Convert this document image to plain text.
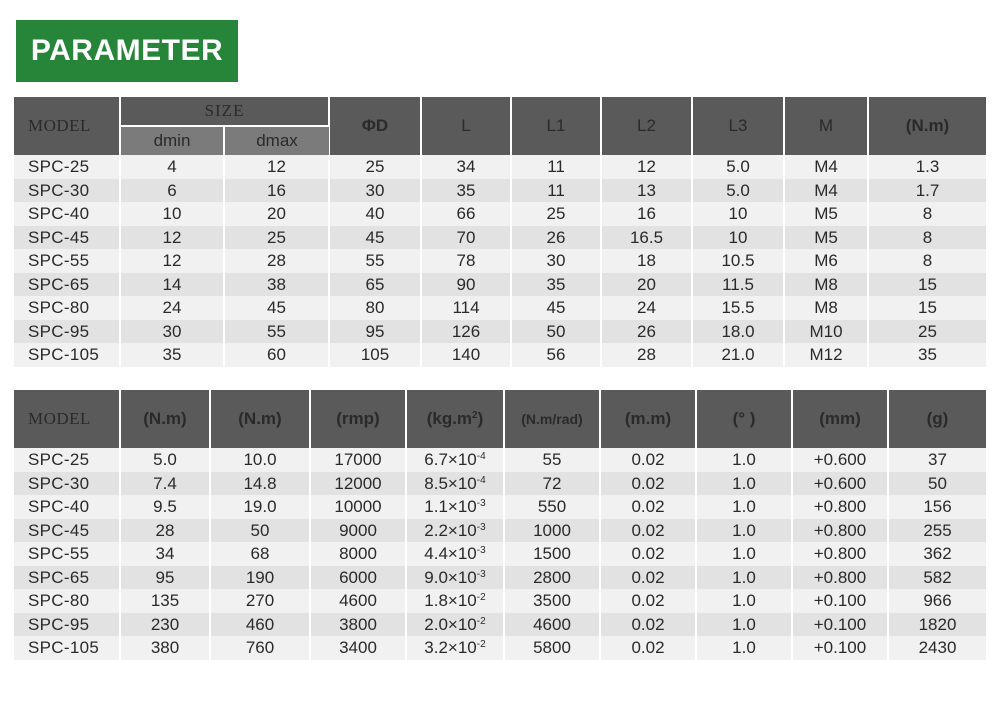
PARAMETER
MODEL	SIZE		ΦD	L	L1	L2	L3	M	(N.m)
	dmin	dmax							
SPC-25	4	12	25	34	11	12	5.0	M4	1.3
SPC-30	6	16	30	35	11	13	5.0	M4	1.7
SPC-40	10	20	40	66	25	16	10	M5	8
SPC-45	12	25	45	70	26	16.5	10	M5	8
SPC-55	12	28	55	78	30	18	10.5	M6	8
SPC-65	14	38	65	90	35	20	11.5	M8	15
SPC-80	24	45	80	114	45	24	15.5	M8	15
SPC-95	30	55	95	126	50	26	18.0	M10	25
SPC-105	35	60	105	140	56	28	21.0	M12	35
MODEL	(N.m)	(N.m)	(rmp)	$(kg.m^2)$	(N.m/rad)	(m.m)	(° )	(mm)	(g)
SPC-25	5.0	10.0	17000	$6.7\times 10^{-4}$	55	0.02	1.0	+0.600	37
SPC-30	7.4	14.8	12000	$8.5\times 10^{-4}$	72	0.02	1.0	+0.600	50
SPC-40	9.5	19.0	10000	$1.1\times 10^{-3}$	550	0.02	1.0	+0.800	156
SPC-45	28	50	9000	$2.2\times 10^{-3}$	1000	0.02	1.0	+0.800	255
SPC-55	34	68	8000	$4.4\times 10^{-3}$	1500	0.02	1.0	+0.800	362
SPC-65	95	190	6000	$9.0\times 10^{-3}$	2800	0.02	1.0	+0.800	582
SPC-80	135	270	4600	$1.8\times 10^{-2}$	3500	0.02	1.0	+0.100	966
SPC-95	230	460	3800	$2.0\times 10^{-2}$	4600	0.02	1.0	+0.100	1820
SPC-105	380	760	3400	$3.2\times 10^{-2}$	5800	0.02	1.0	+0.100	2430
